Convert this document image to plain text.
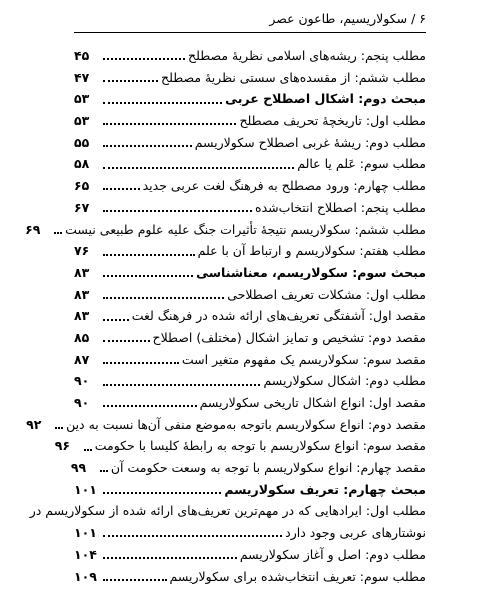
۶ / سکولاریسیم، طاعون عصر
مطلب پنجم: ریشه‌های اسلامی نظریهٔ مصطلح
۴۵
مطلب ششم: از مقسده‌های سستی نظریهٔ مصطلح
۴۷
مبحث دوم: اشکال اصطلاح عربی
۵۳
مطلب اول: تاریخچهٔ تحریف مصطلح
۵۳
مطلب دوم: ریشهٔ غربی اصطلاح سکولاریسم
۵۵
مطلب سوم: عَلم یا عالم
۵۸
مطلب چهارم: ورود مصطلح به فرهنگ لغت عربی جدید
۶۵
مطلب پنجم: اصطلاح انتخاب‌شده
۶۷
مطلب ششم: سکولاریسم نتیجهٔ تأثیرات جنگ علیه علوم طبیعی نیست
۶۹
مطلب هفتم: سکولاریسم و ارتباط آن با علم
۷۶
مبحث سوم: سکولاریسم، معناشناسی
۸۳
مطلب اول: مشکلات تعریف اصطلاحی
۸۳
مقصد اول: آشفتگی تعریف‌های ارائه شده در فرهنگ لغت
۸۳
مقصد دوم: تشخیص و تمایز اشکال (مختلف) اصطلاح
۸۵
مقصد سوم: سکولاریسم یک مفهوم متغیر است
۸۷
مطلب دوم: اشکال سکولاریسم
۹۰
مقصد اول: انواع اشکال تاریخی سکولاریسم
۹۰
مقصد دوم: انواع سکولاریسم باتوجه به‌موضع منفی آن‌ها نسبت به دین
۹۲
مقصد سوم: انواع سکولاریسم با توجه به رابطهٔ کلیسا با حکومت
۹۶
مقصد چهارم: انواع سکولاریسم با توجه به وسعت حکومت آن
۹۹
مبحث چهارم: تعریف سکولاریسم
۱۰۱
مطلب اول: ایرادهایی که در مهم‌ترین تعریف‌های ارائه شده از سکولاریسم در
نوشتارهای عربی وجود دارد
۱۰۱
مطلب دوم: اصل و آغاز سکولاریسم
۱۰۴
مطلب سوم: تعریف انتخاب‌شده برای سکولاریسم
۱۰۹
